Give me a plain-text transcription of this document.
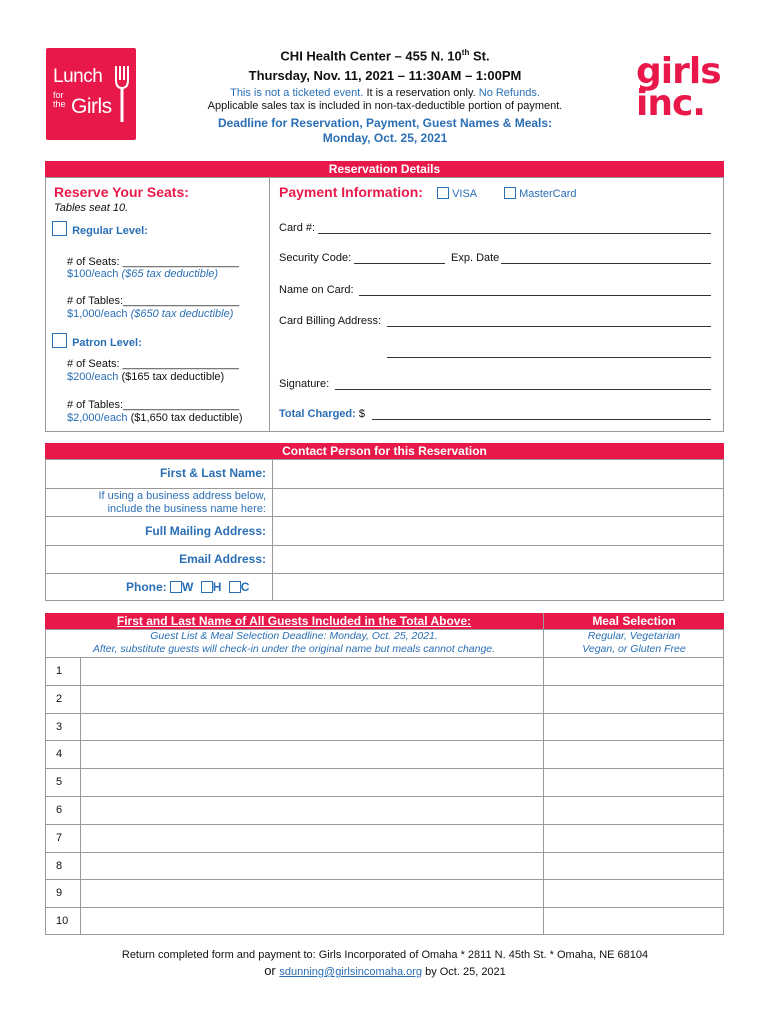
Lunch
for
the Girls
girls
inc.
CHI Health Center – 455 N. 10th St.
Thursday, Nov. 11, 2021 – 11:30AM – 1:00PM
This is not a ticketed event. It is a reservation only. No Refunds.
Applicable sales tax is included in non-tax-deductible portion of payment.
Deadline for Reservation, Payment, Guest Names & Meals:
Monday, Oct. 25, 2021
Reservation Details
Reserve Your Seats:
Tables seat 10.
Regular Level:
# of Seats: ___________________
$100/each ($65 tax deductible)
# of Tables:___________________
$1,000/each ($650 tax deductible)
Patron Level:
# of Seats: ___________________
$200/each ($165 tax deductible)
# of Tables:___________________
$2,000/each ($1,650 tax deductible)
Payment Information:	VISA	MasterCard
Card #:
Security Code:	Exp. Date
Name on Card:
Card Billing Address:
Signature:
Total Charged: $
Contact Person for this Reservation
First & Last Name:
If using a business address below,
include the business name here:
Full Mailing Address:
Email Address:
Phone: W H C
First and Last Name of All Guests Included in the Total Above:	Meal Selection
Guest List & Meal Selection Deadline: Monday, Oct. 25, 2021.
After, substitute guests will check-in under the original name but meals cannot change.
Regular, Vegetarian
Vegan, or Gluten Free
1
2
3
4
5
6
7
8
9
10
Return completed form and payment to: Girls Incorporated of Omaha * 2811 N. 45th St. * Omaha, NE 68104
or sdunning@girlsincomaha.org by Oct. 25, 2021
